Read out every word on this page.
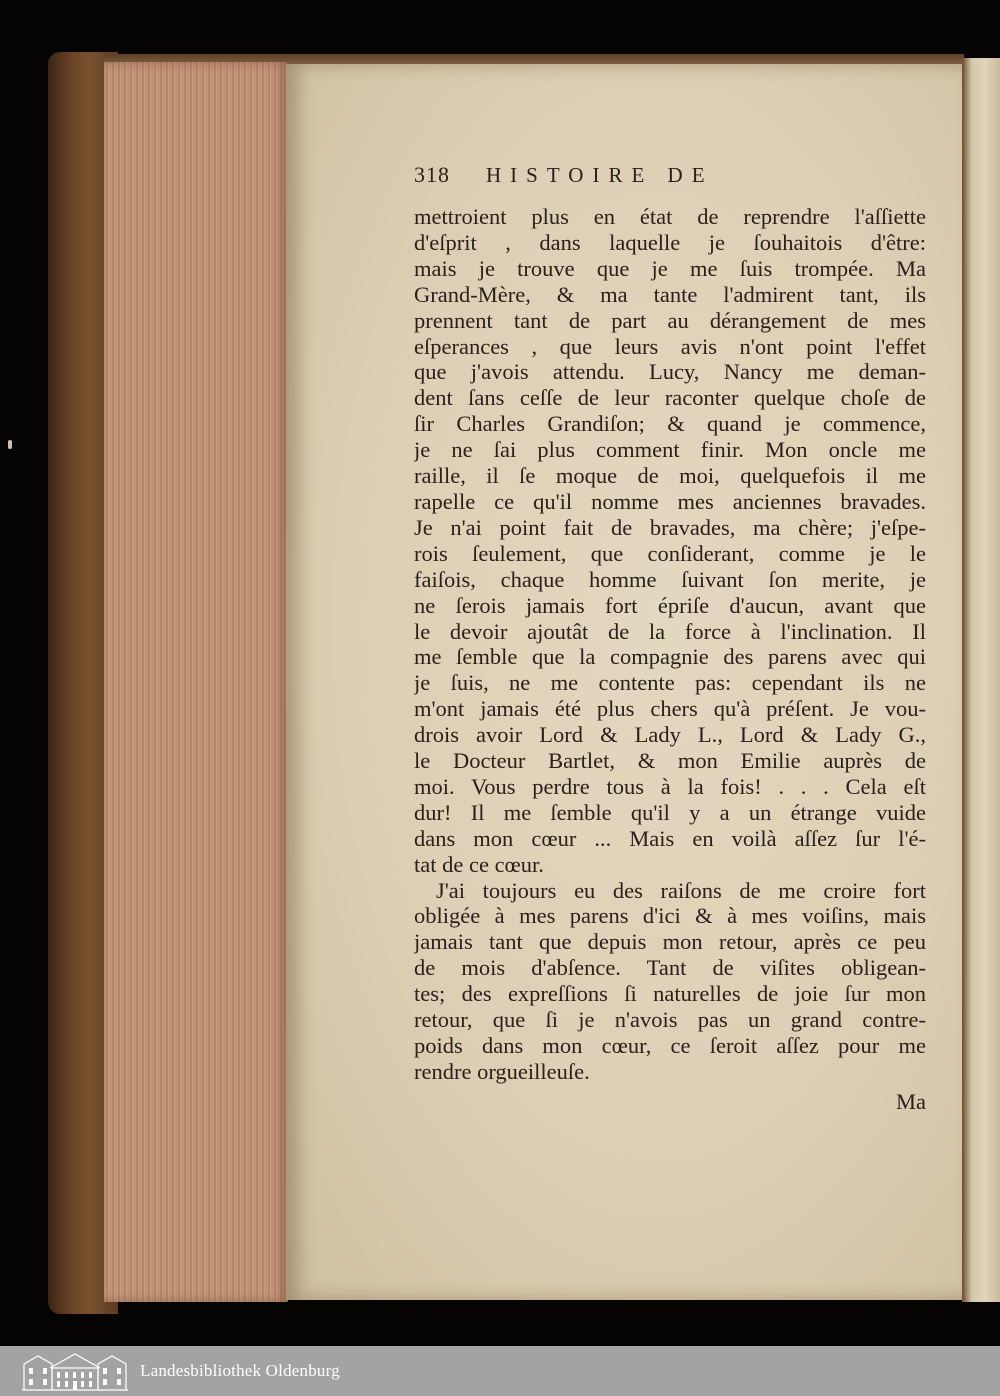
318	HISTOIRE DE
mettroient plus en état de reprendre l'aſſiette
d'eſprit , dans laquelle je ſouhaitois d'être:
mais je trouve que je me ſuis trompée. Ma
Grand-Mère, & ma tante l'admirent tant, ils
prennent tant de part au dérangement de mes
eſperances , que leurs avis n'ont point l'effet
que j'avois attendu. Lucy, Nancy me deman-
dent ſans ceſſe de leur raconter quelque choſe de
ſir Charles Grandiſon; & quand je commence,
je ne ſai plus comment finir. Mon oncle me
raille, il ſe moque de moi, quelquefois il me
rapelle ce qu'il nomme mes anciennes bravades.
Je n'ai point fait de bravades, ma chère; j'eſpe-
rois ſeulement, que conſiderant, comme je le
faiſois, chaque homme ſuivant ſon merite, je
ne ſerois jamais fort épriſe d'aucun, avant que
le devoir ajoutât de la force à l'inclination. Il
me ſemble que la compagnie des parens avec qui
je ſuis, ne me contente pas: cependant ils ne
m'ont jamais été plus chers qu'à préſent. Je vou-
drois avoir Lord & Lady L., Lord & Lady G.,
le Docteur Bartlet, & mon Emilie auprès de
moi. Vous perdre tous à la fois! . . . Cela eſt
dur! Il me ſemble qu'il y a un étrange vuide
dans mon cœur ... Mais en voilà aſſez ſur l'é-
tat de ce cœur.
J'ai toujours eu des raiſons de me croire fort
obligée à mes parens d'ici & à mes voiſins, mais
jamais tant que depuis mon retour, après ce peu
de mois d'abſence. Tant de viſites obligean-
tes; des expreſſions ſi naturelles de joie ſur mon
retour, que ſi je n'avois pas un grand contre-
poids dans mon cœur, ce ſeroit aſſez pour me
rendre orgueilleuſe.
Ma
Landesbibliothek Oldenburg
